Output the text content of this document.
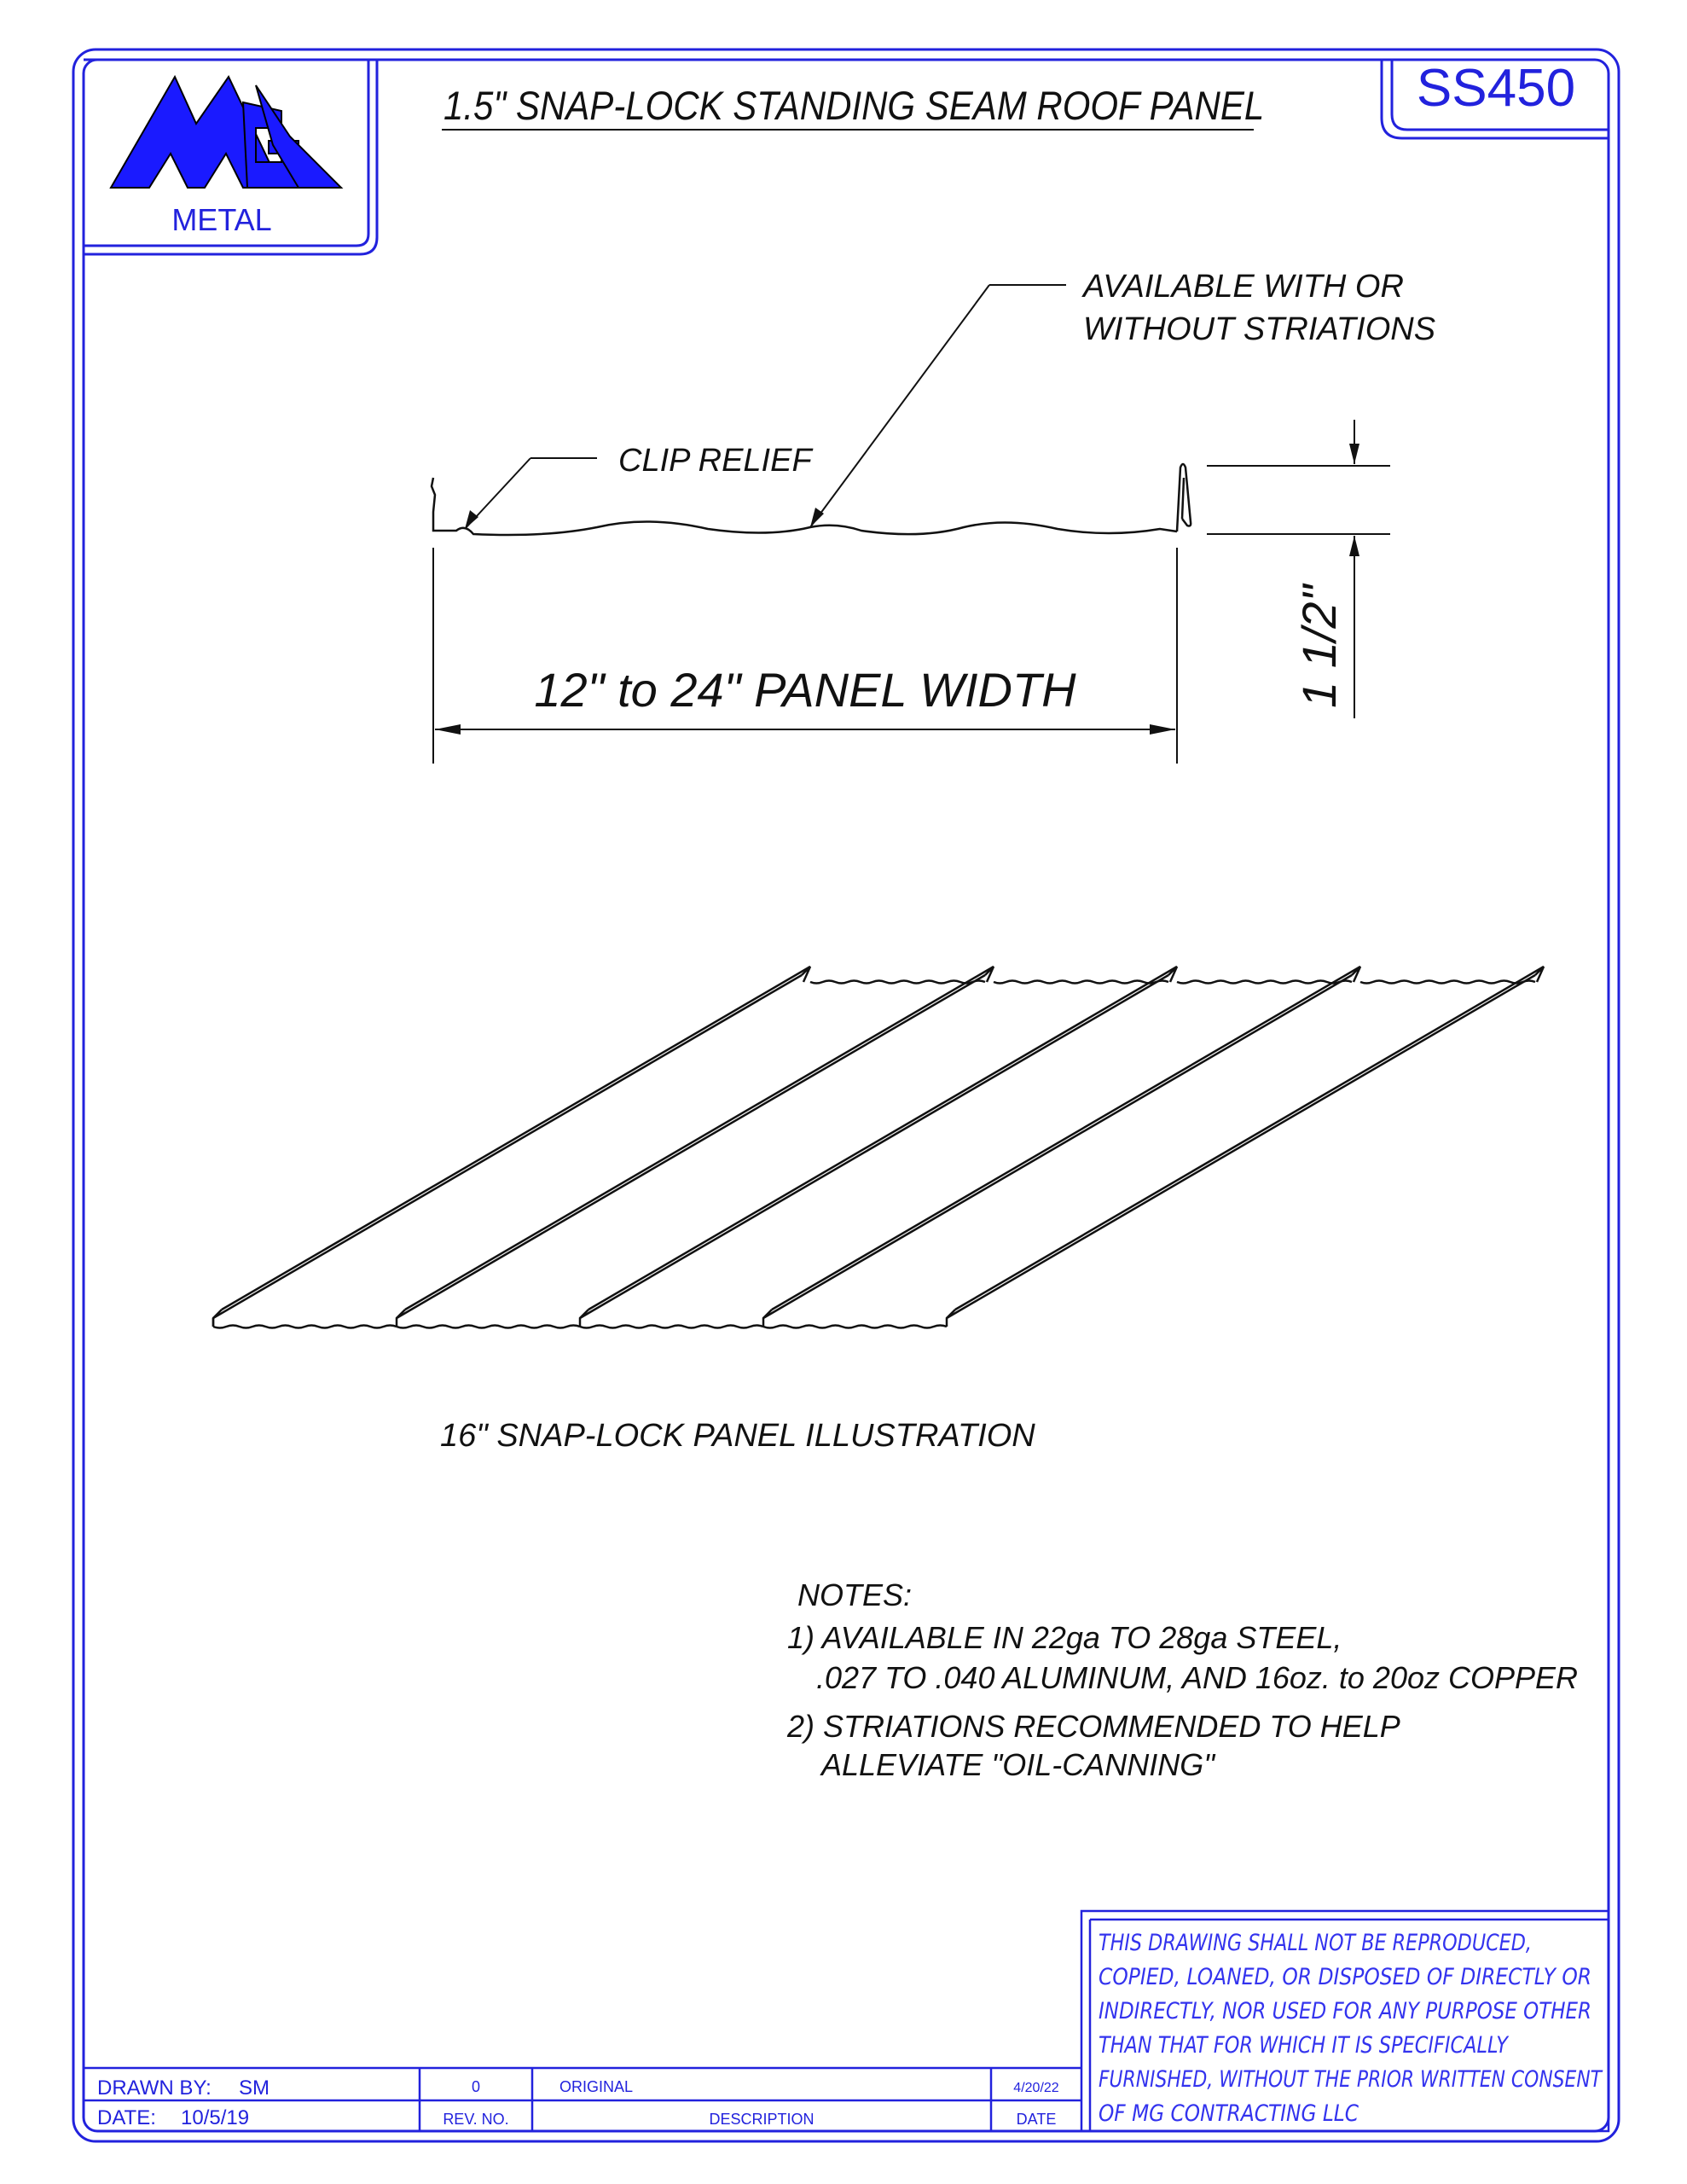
METAL
1.5" SNAP-LOCK STANDING SEAM ROOF PANEL	SS450
AVAILABLE WITH OR
WITHOUT STRIATIONS
CLIP RELIEF
12" to 24" PANEL WIDTH	1 1/2"
16" SNAP-LOCK PANEL ILLUSTRATION
NOTES:
1) AVAILABLE IN 22ga TO 28ga STEEL,
.027 TO .040 ALUMINUM, AND 16oz. to 20oz COPPER
2) STRIATIONS RECOMMENDED TO HELP
ALLEVIATE "OIL-CANNING"
DRAWN BY: SM
DATE: 10/5/19
0
REV. NO.
ORIGINAL
DESCRIPTION
4/20/22
DATE
THIS DRAWING SHALL NOT BE REPRODUCED,
COPIED, LOANED, OR DISPOSED OF DIRECTLY OR
INDIRECTLY, NOR USED FOR ANY PURPOSE OTHER
THAN THAT FOR WHICH IT IS SPECIFICALLY
FURNISHED, WITHOUT THE PRIOR WRITTEN CONSENT
OF MG CONTRACTING LLC
